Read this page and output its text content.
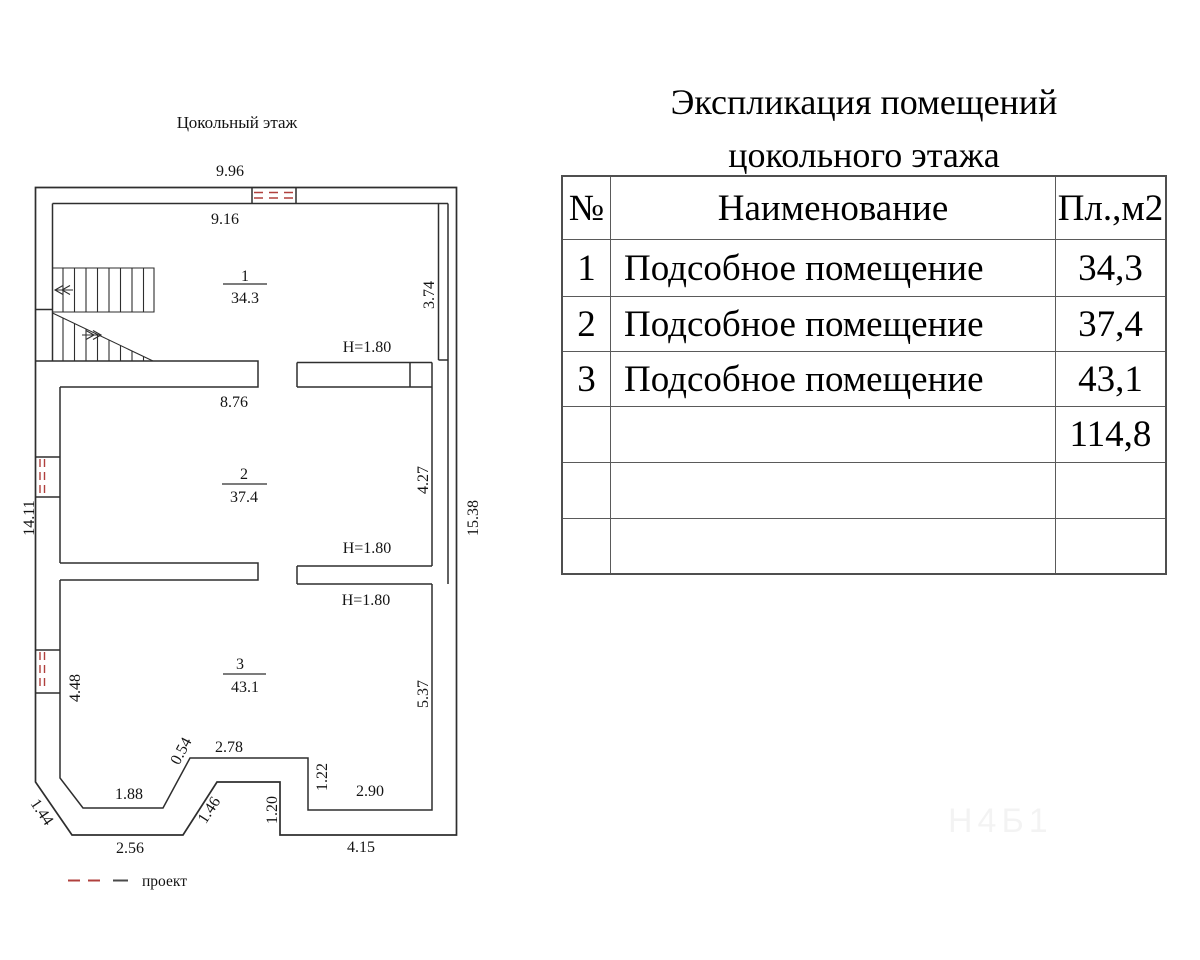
Цокольный этаж
1
34.3
2
37.4
3
43.1
H=1.80
H=1.80
H=1.80
9.96
9.16
8.76
2.78
1.88
2.56
2.90
4.15
3.74
4.27
5.37
15.38
14.11
4.48
1.20
1.22
0.54
1.44	1.46
проект
Экспликация помещений
цокольного этажа
№	Наименование	Пл.,м2
1 Подсобное помещение	34,3
2 Подсобное помещение	37,4
3 Подсобное помещение	43,1
114,8
